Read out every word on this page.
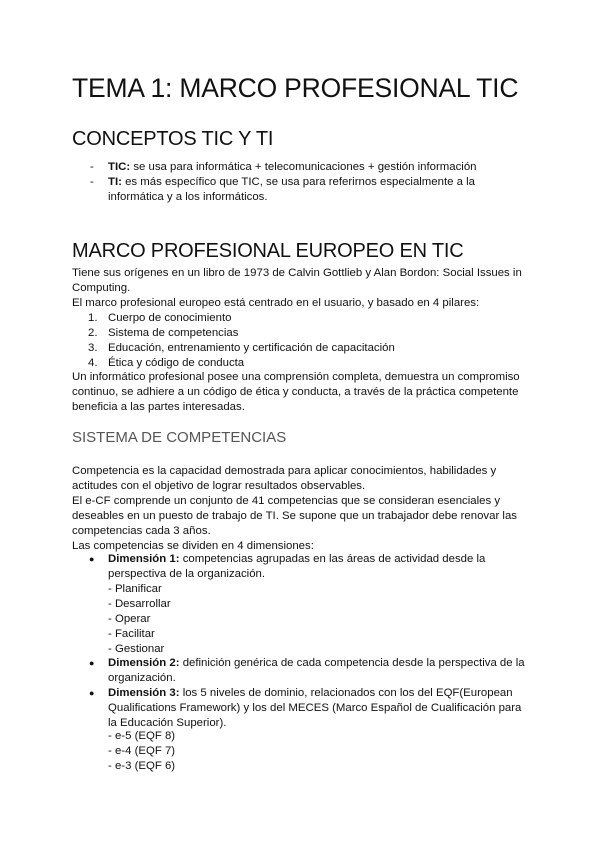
TEMA 1: MARCO PROFESIONAL TIC
CONCEPTOS TIC Y TI
- TIC: se usa para informática + telecomunicaciones + gestión información
- TI: es más específico que TIC, se usa para referirnos especialmente a la informática y a los informáticos.
MARCO PROFESIONAL EUROPEO EN TIC
Tiene sus orígenes en un libro de 1973 de Calvin Gottlieb y Alan Bordon: Social Issues in Computing.
El marco profesional europeo está centrado en el usuario, y basado en 4 pilares:
1. Cuerpo de conocimiento
2. Sistema de competencias
3. Educación, entrenamiento y certificación de capacitación
4. Ética y código de conducta
Un informático profesional posee una comprensión completa, demuestra un compromiso continuo, se adhiere a un código de ética y conducta, a través de la práctica competente beneficia a las partes interesadas.
SISTEMA DE COMPETENCIAS
Competencia es la capacidad demostrada para aplicar conocimientos, habilidades y actitudes con el objetivo de lograr resultados observables.
El e-CF comprende un conjunto de 41 competencias que se consideran esenciales y deseables en un puesto de trabajo de TI. Se supone que un trabajador debe renovar las competencias cada 3 años.
Las competencias se dividen en 4 dimensiones:
● Dimensión 1: competencias agrupadas en las áreas de actividad desde la perspectiva de la organización.
- Planificar
- Desarrollar
- Operar
- Facilitar
- Gestionar
● Dimensión 2: definición genérica de cada competencia desde la perspectiva de la organización.
● Dimensión 3: los 5 niveles de dominio, relacionados con los del EQF(European Qualifications Framework) y los del MECES (Marco Español de Cualificación para la Educación Superior).
- e-5 (EQF 8)
- e-4 (EQF 7)
- e-3 (EQF 6)
